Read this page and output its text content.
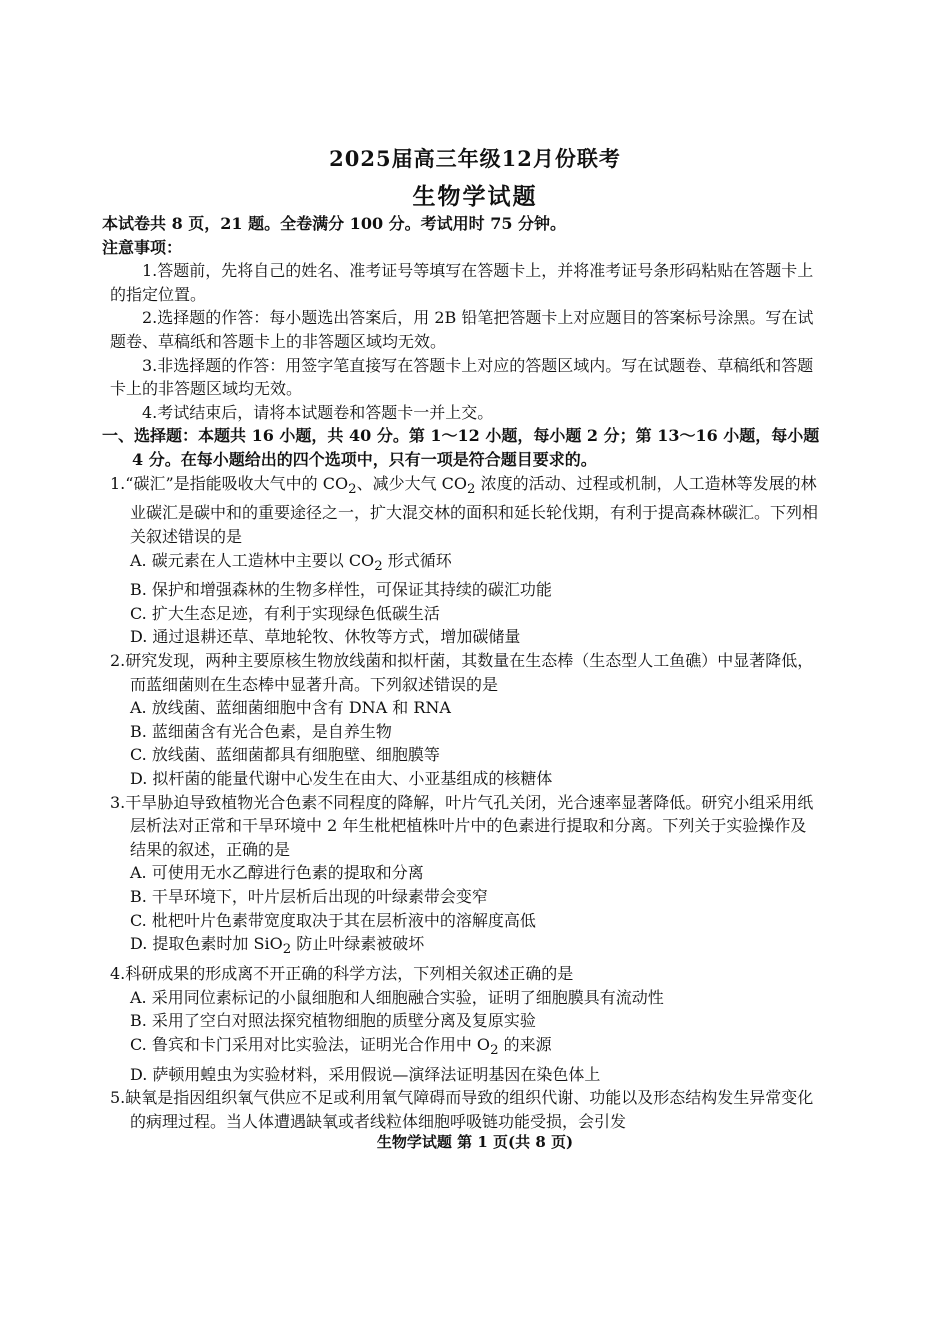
2025届高三年级12月份联考
生物学试题

本试卷共 8 页，21 题。全卷满分 100 分。考试用时 75 分钟。

注意事项：

1.答题前，先将自己的姓名、准考证号等填写在答题卡上，并将准考证号条形码粘贴在答题卡上的指定位置。

2.选择题的作答：每小题选出答案后，用 2B 铅笔把答题卡上对应题目的答案标号涂黑。写在试题卷、草稿纸和答题卡上的非答题区域均无效。

3.非选择题的作答：用签字笔直接写在答题卡上对应的答题区域内。写在试题卷、草稿纸和答题卡上的非答题区域均无效。

4.考试结束后，请将本试题卷和答题卡一并上交。

一、选择题：本题共 16 小题，共 40 分。第 1～12 小题，每小题 2 分；第 13～16 小题，每小题 4 分。在每小题给出的四个选项中，只有一项是符合题目要求的。

1.“碳汇”是指能吸收大气中的 $CO_2$、减少大气 $CO_2$ 浓度的活动、过程或机制，人工造林等发展的林业碳汇是碳中和的重要途径之一，扩大混交林的面积和延长轮伐期，有利于提高森林碳汇。下列相关叙述错误的是

A. 碳元素在人工造林中主要以 $CO_2$ 形式循环

B. 保护和增强森林的生物多样性，可保证其持续的碳汇功能

C. 扩大生态足迹，有利于实现绿色低碳生活

D. 通过退耕还草、草地轮牧、休牧等方式，增加碳储量

2.研究发现，两种主要原核生物放线菌和拟杆菌，其数量在生态棒（生态型人工鱼礁）中显著降低，而蓝细菌则在生态棒中显著升高。下列叙述错误的是

A. 放线菌、蓝细菌细胞中含有 DNA 和 RNA

B. 蓝细菌含有光合色素，是自养生物

C. 放线菌、蓝细菌都具有细胞壁、细胞膜等

D. 拟杆菌的能量代谢中心发生在由大、小亚基组成的核糖体

3.干旱胁迫导致植物光合色素不同程度的降解，叶片气孔关闭，光合速率显著降低。研究小组采用纸层析法对正常和干旱环境中 2 年生枇杷植株叶片中的色素进行提取和分离。下列关于实验操作及结果的叙述，正确的是

A. 可使用无水乙醇进行色素的提取和分离

B. 干旱环境下，叶片层析后出现的叶绿素带会变窄

C. 枇杷叶片色素带宽度取决于其在层析液中的溶解度高低

D. 提取色素时加 SiO$_2$ 防止叶绿素被破坏

4.科研成果的形成离不开正确的科学方法，下列相关叙述正确的是

A. 采用同位素标记的小鼠细胞和人细胞融合实验，证明了细胞膜具有流动性

B. 采用了空白对照法探究植物细胞的质壁分离及复原实验

C. 鲁宾和卡门采用对比实验法，证明光合作用中 $O_2$ 的来源

D. 萨顿用蝗虫为实验材料，采用假说—演绎法证明基因在染色体上

5.缺氧是指因组织氧气供应不足或利用氧气障碍而导致的组织代谢、功能以及形态结构发生异常变化的病理过程。当人体遭遇缺氧或者线粒体细胞呼吸链功能受损，会引发

生物学试题 第 1 页(共 8 页)
